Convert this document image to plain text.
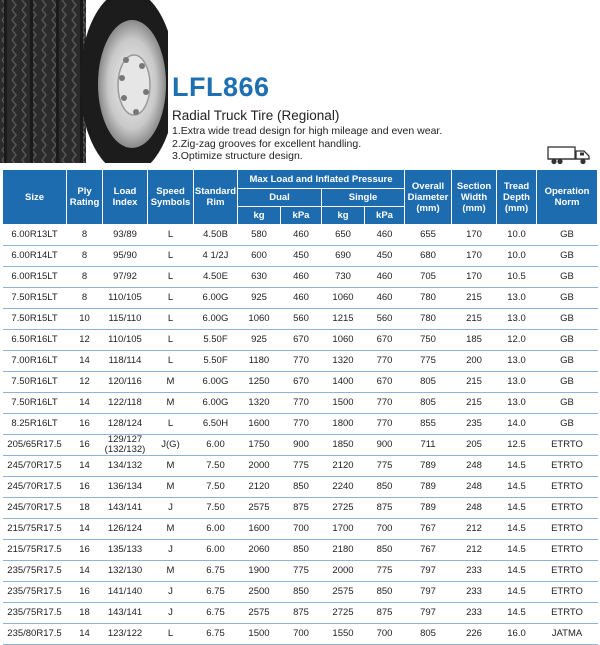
LFL866
Radial Truck Tire (Regional)
1.Extra wide tread design for high mileage and even wear.
2.Zig-zag grooves for excellent handling.
3.Optimize structure design.
Size	Ply Rating	Load Index	Speed Symbols	Standard Rim	Max Load and Inflated Pressure				Overall Diameter (mm)	Section Width (mm)	Tread Depth (mm)	Operation Norm
					Dual		Single					
					kg	kPa	kg	kPa				
6.00R13LT	8	93/89	L	4.50B	580	460	650	460	655	170	10.0	GB
6.00R14LT	8	95/90	L	4 1/2J	600	450	690	450	680	170	10.0	GB
6.00R15LT	8	97/92	L	4.50E	630	460	730	460	705	170	10.5	GB
7.50R15LT	8	110/105	L	6.00G	925	460	1060	460	780	215	13.0	GB
7.50R15LT	10	115/110	L	6.00G	1060	560	1215	560	780	215	13.0	GB
6.50R16LT	12	110/105	L	5.50F	925	670	1060	670	750	185	12.0	GB
7.00R16LT	14	118/114	L	5.50F	1180	770	1320	770	775	200	13.0	GB
7.50R16LT	12	120/116	M	6.00G	1250	670	1400	670	805	215	13.0	GB
7.50R16LT	14	122/118	M	6.00G	1320	770	1500	770	805	215	13.0	GB
8.25R16LT	16	128/124	L	6.50H	1600	770	1800	770	855	235	14.0	GB
205/65R17.5	16	129/127 (132/132)	J(G)	6.00	1750	900	1850	900	711	205	12.5	ETRTO
245/70R17.5	14	134/132	M	7.50	2000	775	2120	775	789	248	14.5	ETRTO
245/70R17.5	16	136/134	M	7.50	2120	850	2240	850	789	248	14.5	ETRTO
245/70R17.5	18	143/141	J	7.50	2575	875	2725	875	789	248	14.5	ETRTO
215/75R17.5	14	126/124	M	6.00	1600	700	1700	700	767	212	14.5	ETRTO
215/75R17.5	16	135/133	J	6.00	2060	850	2180	850	767	212	14.5	ETRTO
235/75R17.5	14	132/130	M	6.75	1900	775	2000	775	797	233	14.5	ETRTO
235/75R17.5	16	141/140	J	6.75	2500	850	2575	850	797	233	14.5	ETRTO
235/75R17.5	18	143/141	J	6.75	2575	875	2725	875	797	233	14.5	ETRTO
235/80R17.5	14	123/122	L	6.75	1500	700	1550	700	805	226	16.0	JATMA
